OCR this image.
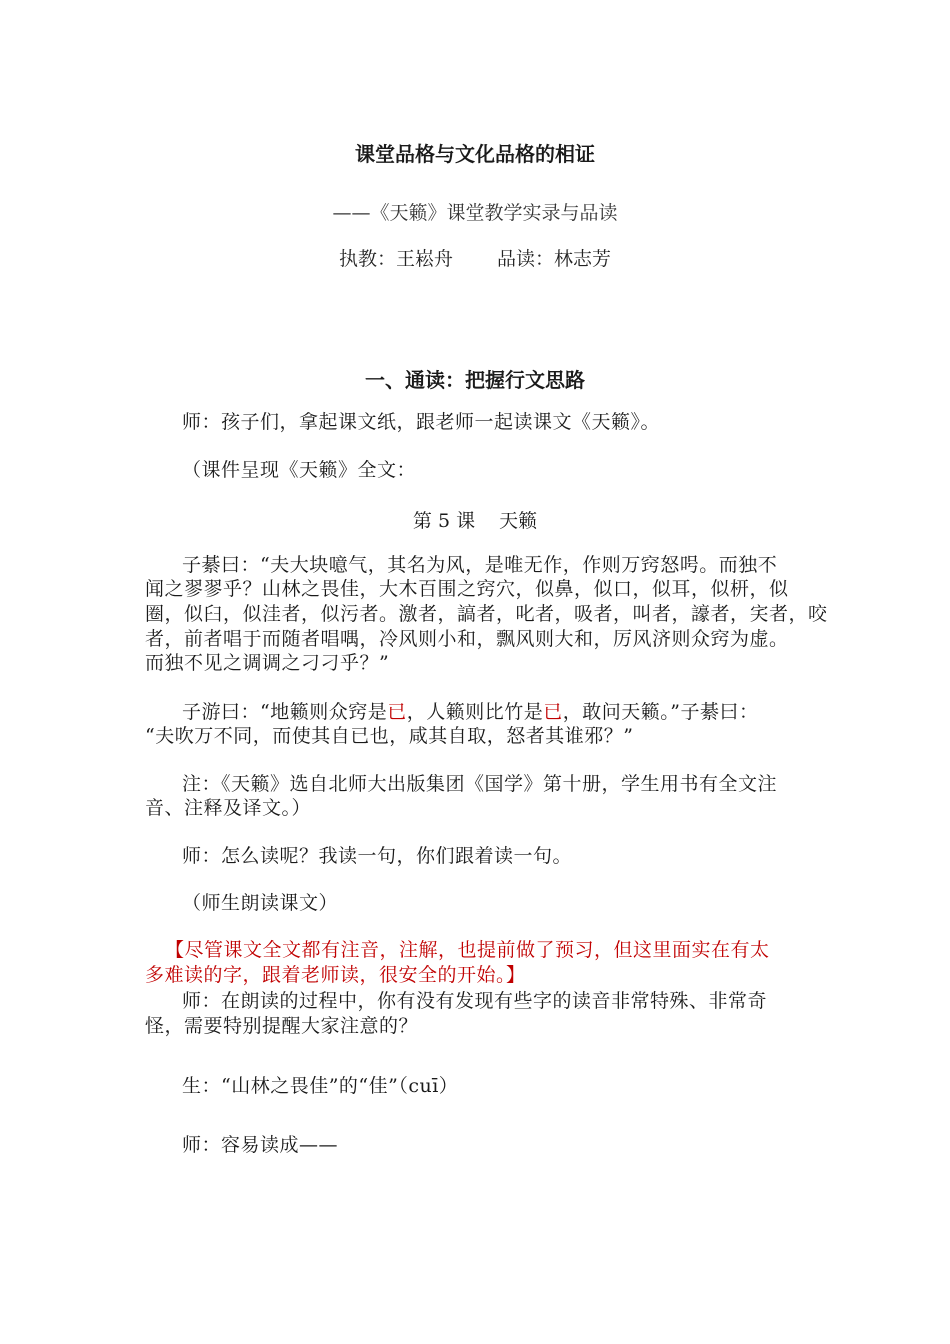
课堂品格与文化品格的相证
——《天籁》课堂教学实录与品读
执教：王崧舟 品读：林志芳
一、通读：把握行文思路
师：孩子们，拿起课文纸，跟老师一起读课文《天籁》。
（课件呈现《天籁》全文：
第 5 课 天籁
子綦曰：“夫大块噫气，其名为风，是唯无作，作则万窍怒呺。而独不
闻之翏翏乎？山林之畏佳，大木百围之窍穴，似鼻，似口，似耳，似枅，似
圈，似臼，似洼者，似污者。激者，謞者，叱者，吸者，叫者，譹者，宎者，咬
者，前者唱于而随者唱喁，冷风则小和，飘风则大和，厉风济则众窍为虚。
而独不见之调调之刁刁乎？”
子游曰：“地籁则众窍是已，人籁则比竹是已，敢问天籁。”子綦曰：
“夫吹万不同，而使其自已也，咸其自取，怒者其谁邪？”
注：《天籁》选自北师大出版集团《国学》第十册，学生用书有全文注
音、注释及译文。）
师：怎么读呢？我读一句，你们跟着读一句。
（师生朗读课文）
【尽管课文全文都有注音，注解，也提前做了预习，但这里面实在有太
多难读的字，跟着老师读，很安全的开始。】
师：在朗读的过程中，你有没有发现有些字的读音非常特殊、非常奇
怪，需要特别提醒大家注意的？
生：“山林之畏佳”的“佳”（cuī）
师：容易读成——
